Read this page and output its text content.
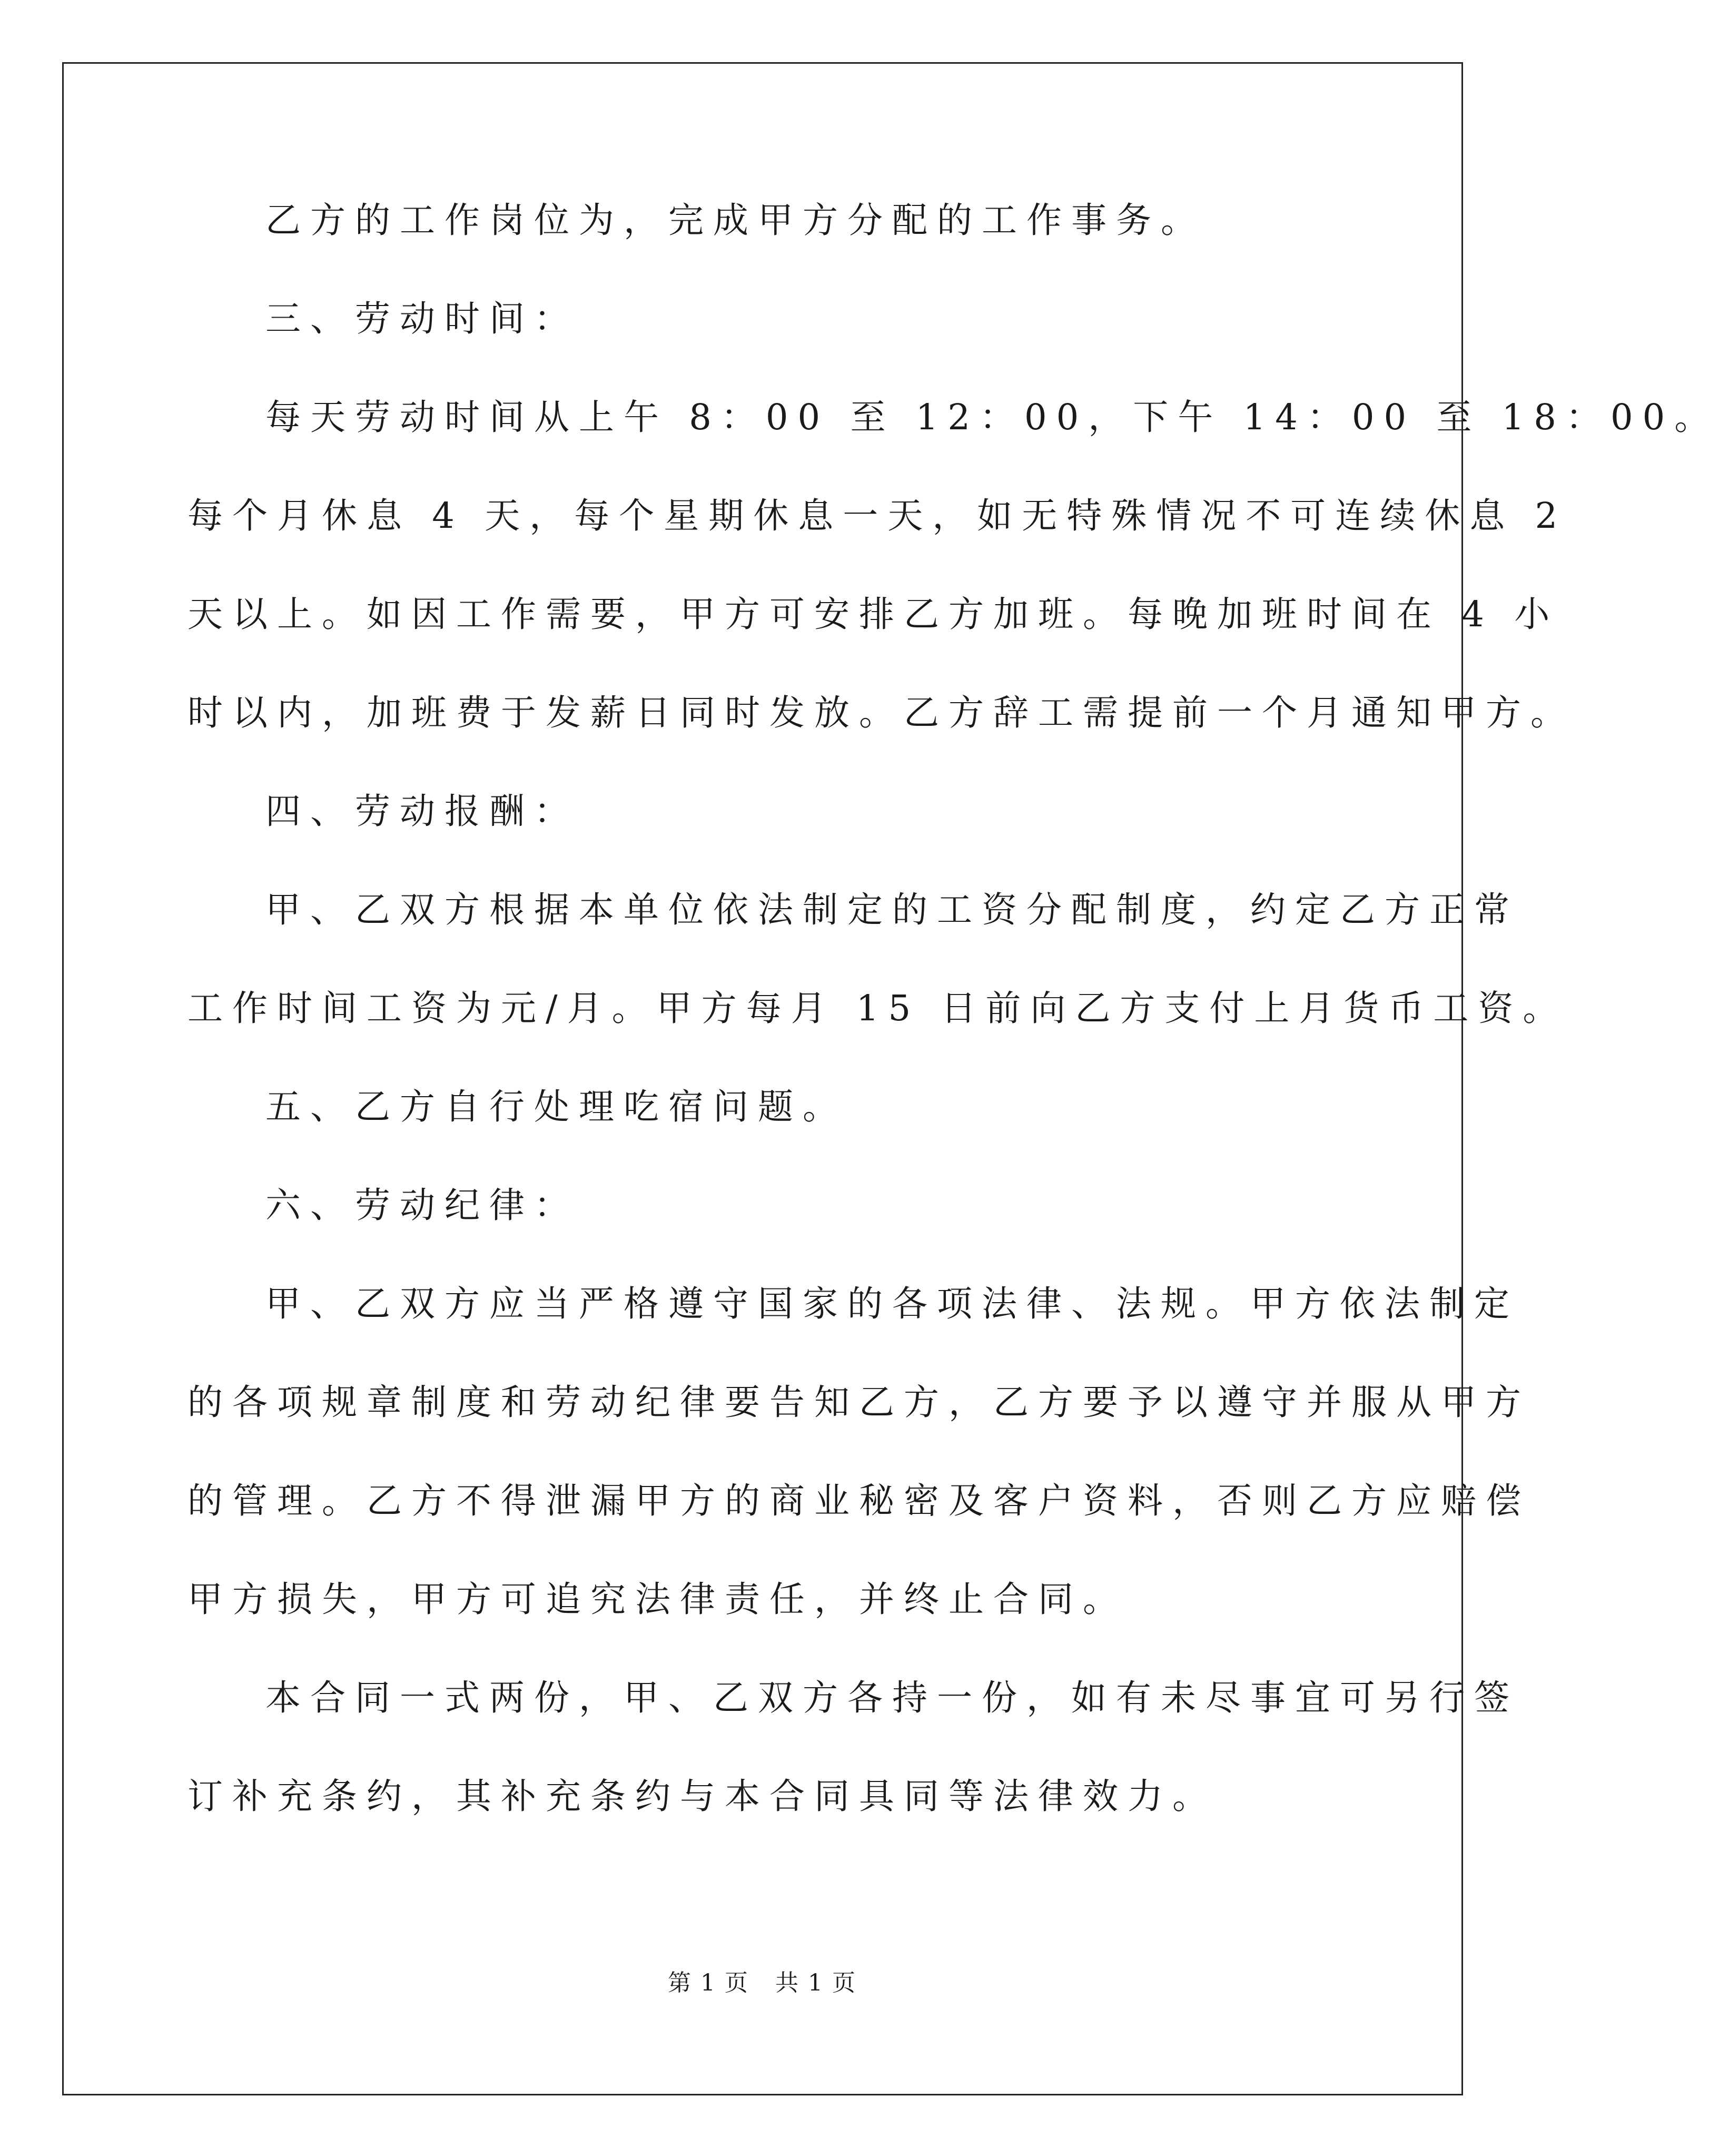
乙方的工作岗位为，完成甲方分配的工作事务。
三、劳动时间：
每天劳动时间从上午 8：00 至 12：00，下午 14：00 至 18：00。
每个月休息 4 天，每个星期休息一天，如无特殊情况不可连续休息 2
天以上。如因工作需要，甲方可安排乙方加班。每晚加班时间在 4 小
时以内，加班费于发薪日同时发放。乙方辞工需提前一个月通知甲方。
四、劳动报酬：
甲、乙双方根据本单位依法制定的工资分配制度，约定乙方正常
工作时间工资为元/月。甲方每月 15 日前向乙方支付上月货币工资。
五、乙方自行处理吃宿问题。
六、劳动纪律：
甲、乙双方应当严格遵守国家的各项法律、法规。甲方依法制定
的各项规章制度和劳动纪律要告知乙方，乙方要予以遵守并服从甲方
的管理。乙方不得泄漏甲方的商业秘密及客户资料，否则乙方应赔偿
甲方损失，甲方可追究法律责任，并终止合同。
本合同一式两份，甲、乙双方各持一份，如有未尽事宜可另行签
订补充条约，其补充条约与本合同具同等法律效力。
第 1 页 共 1 页
